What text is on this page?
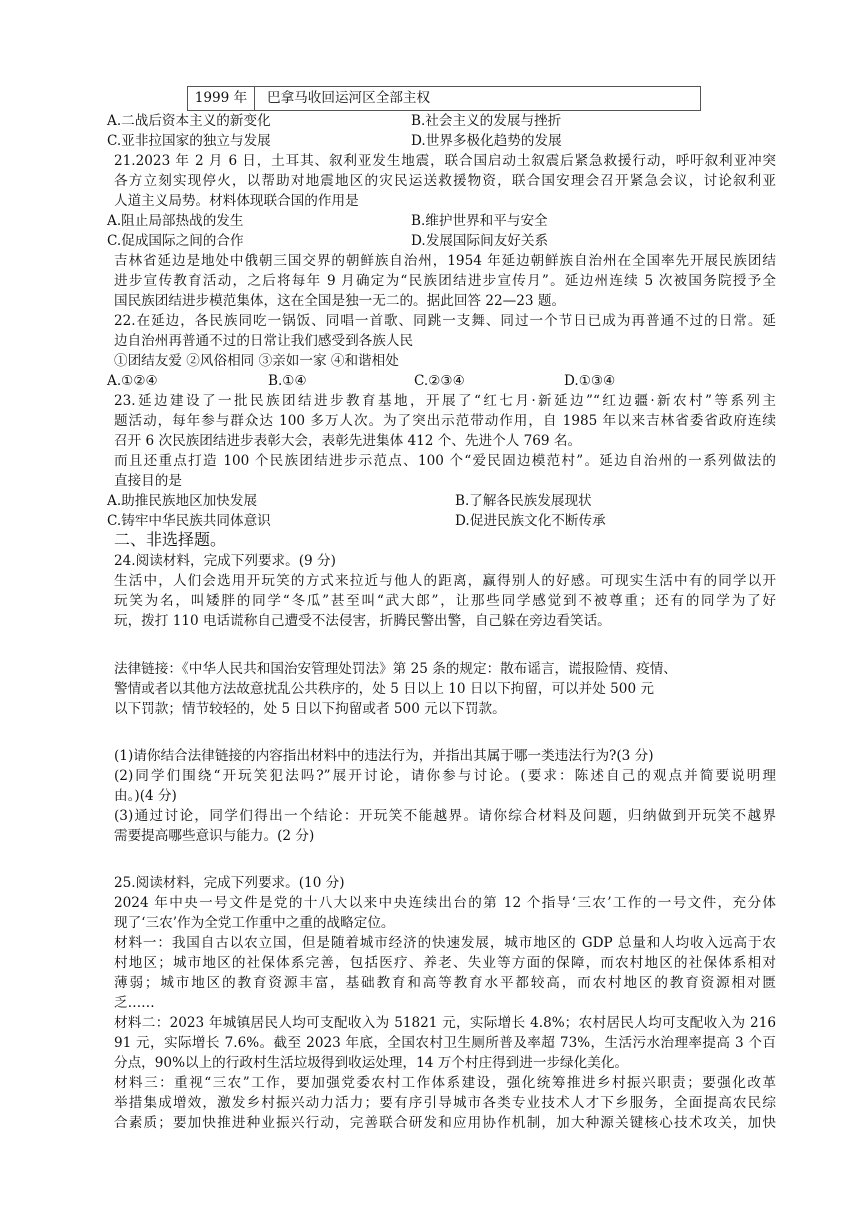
1999 年	巴拿马收回运河区全部主权
A.二战后资本主义的新变化	B.社会主义的发展与挫折
C.亚非拉国家的独立与发展	D.世界多极化趋势的发展
21.2023 年 2 月 6 日，土耳其、叙利亚发生地震，联合国启动土叙震后紧急救援行动，呼吁叙利亚冲突
各方立刻实现停火，以帮助对地震地区的灾民运送救援物资，联合国安理会召开紧急会议，讨论叙利亚
人道主义局势。材料体现联合国的作用是
A.阻止局部热战的发生	B.维护世界和平与安全
C.促成国际之间的合作	D.发展国际间友好关系
吉林省延边是地处中俄朝三国交界的朝鲜族自治州，1954 年延边朝鲜族自治州在全国率先开展民族团结
进步宣传教育活动，之后将每年 9 月确定为“民族团结进步宣传月”。延边州连续 5 次被国务院授予全
国民族团结进步模范集体，这在全国是独一无二的。据此回答 22—23 题。
22.在延边，各民族同吃一锅饭、同唱一首歌、同跳一支舞、同过一个节日已成为再普通不过的日常。延
边自治州再普通不过的日常让我们感受到各族人民
①团结友爱 ②风俗相同 ③亲如一家 ④和谐相处
A.①②④	B.①④	C.②③④	D.①③④
23.延边建设了一批民族团结进步教育基地，开展了“红七月·新延边”“红边疆·新农村”等系列主
题活动，每年参与群众达 100 多万人次。为了突出示范带动作用，自 1985 年以来吉林省委省政府连续
召开 6 次民族团结进步表彰大会，表彰先进集体 412 个、先进个人 769 名。
而且还重点打造 100 个民族团结进步示范点、100 个“爱民固边模范村”。延边自治州的一系列做法的
直接目的是
A.助推民族地区加快发展	B.了解各民族发展现状
C.铸牢中华民族共同体意识	D.促进民族文化不断传承
二、非选择题。
24.阅读材料，完成下列要求。(9 分)
生活中，人们会选用开玩笑的方式来拉近与他人的距离，赢得别人的好感。可现实生活中有的同学以开
玩笑为名，叫矮胖的同学“冬瓜”甚至叫“武大郎”，让那些同学感觉到不被尊重；还有的同学为了好
玩，拨打 110 电话谎称自己遭受不法侵害，折腾民警出警，自己躲在旁边看笑话。
法律链接：《中华人民共和国治安管理处罚法》第 25 条的规定：散布谣言，谎报险情、疫情、
警情或者以其他方法故意扰乱公共秩序的，处 5 日以上 10 日以下拘留，可以并处 500 元
以下罚款；情节较轻的，处 5 日以下拘留或者 500 元以下罚款。
(1)请你结合法律链接的内容指出材料中的违法行为，并指出其属于哪一类违法行为?(3 分)
(2)同学们围绕“开玩笑犯法吗?”展开讨论，请你参与讨论。(要求：陈述自己的观点并简要说明理
由。)(4 分)
(3)通过讨论，同学们得出一个结论：开玩笑不能越界。请你综合材料及问题，归纳做到开玩笑不越界
需要提高哪些意识与能力。(2 分)
25.阅读材料，完成下列要求。(10 分)
2024 年中央一号文件是党的十八大以来中央连续出台的第 12 个指导‘三农’工作的一号文件，充分体
现了‘三农’作为全党工作重中之重的战略定位。
材料一：我国自古以农立国，但是随着城市经济的快速发展，城市地区的 GDP 总量和人均收入远高于农
村地区；城市地区的社保体系完善，包括医疗、养老、失业等方面的保障，而农村地区的社保体系相对
薄弱；城市地区的教育资源丰富，基础教育和高等教育水平都较高，而农村地区的教育资源相对匮
乏……
材料二：2023 年城镇居民人均可支配收入为 51821 元，实际增长 4.8%；农村居民人均可支配收入为 216
91 元，实际增长 7.6%。截至 2023 年底，全国农村卫生厕所普及率超 73%，生活污水治理率提高 3 个百
分点，90%以上的行政村生活垃圾得到收运处理，14 万个村庄得到进一步绿化美化。
材料三：重视“三农”工作，要加强党委农村工作体系建设，强化统筹推进乡村振兴职责；要强化改革
举措集成增效，激发乡村振兴动力活力；要有序引导城市各类专业技术人才下乡服务，全面提高农民综
合素质；要加快推进种业振兴行动，完善联合研发和应用协作机制，加大种源关键核心技术攻关，加快
